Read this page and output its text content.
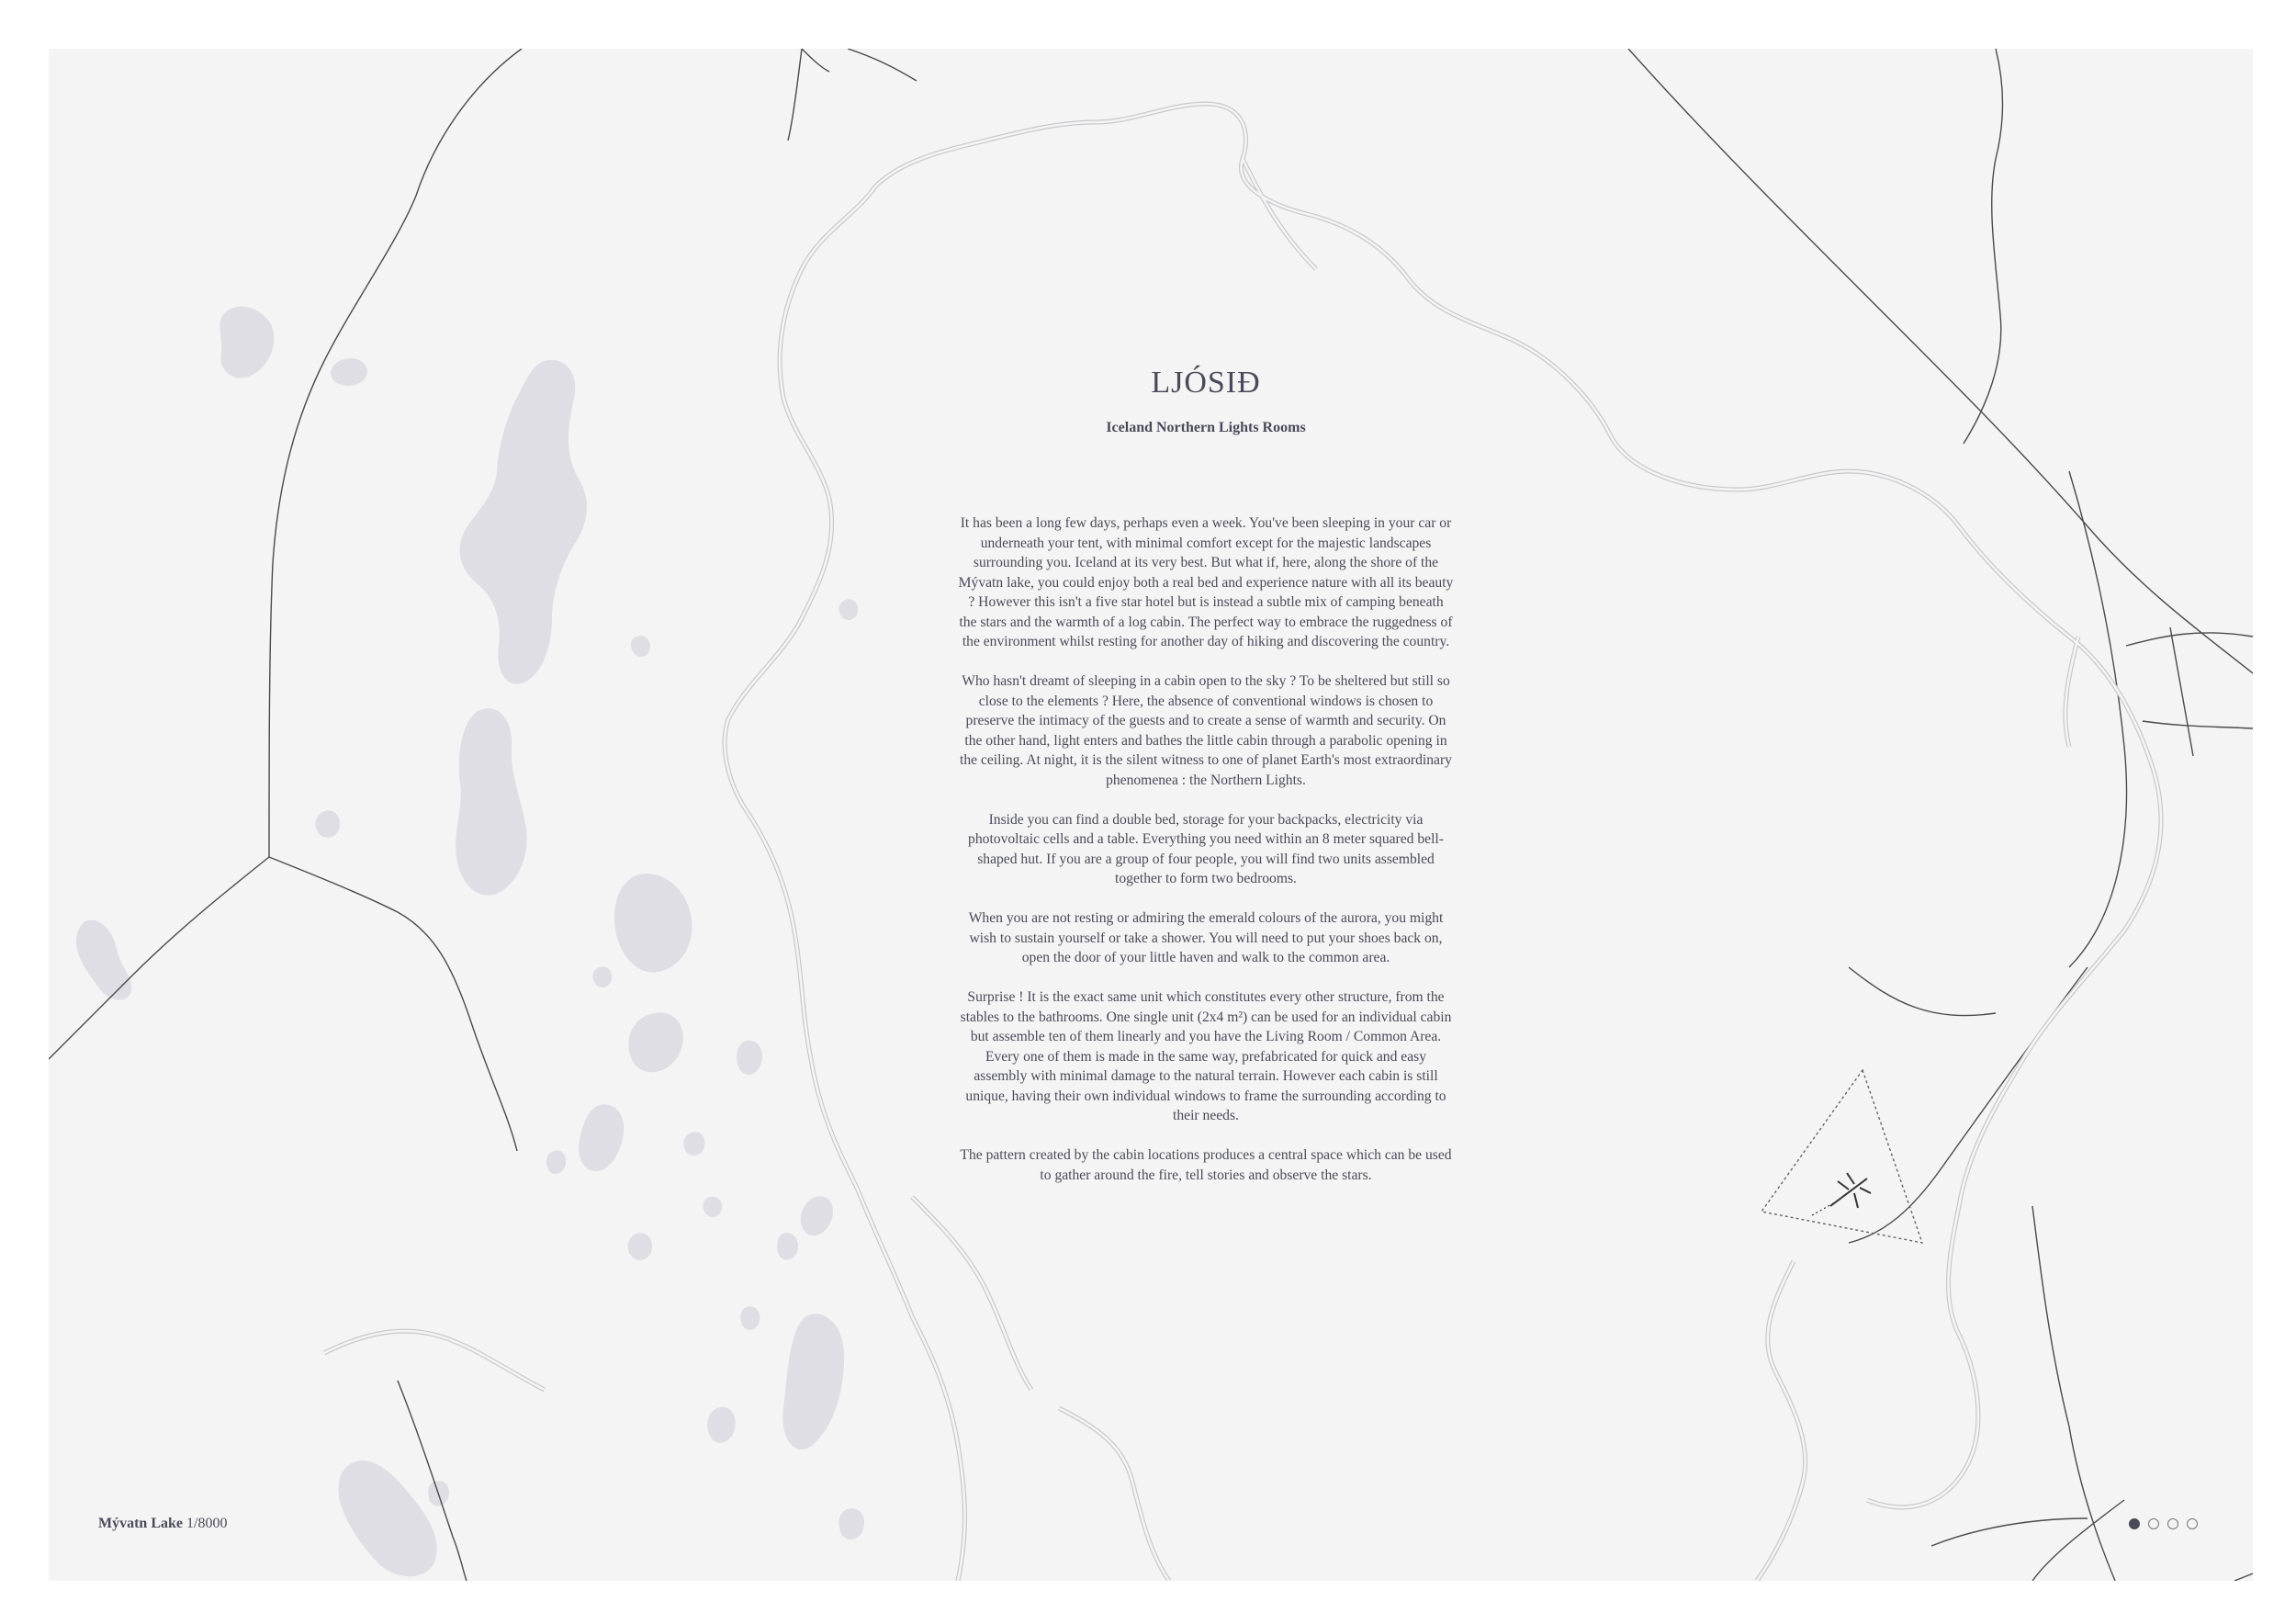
LJÓSIÐ
Iceland Northern Lights Rooms

It has been a long few days, perhaps even a week. You've been sleeping in your car or underneath your tent, with minimal comfort except for the majestic landscapes surrounding you. Iceland at its very best. But what if, here, along the shore of the Mývatn lake, you could enjoy both a real bed and experience nature with all its beauty ? However this isn't a five star hotel but is instead a subtle mix of camping beneath the stars and the warmth of a log cabin. The perfect way to embrace the ruggedness of the environment whilst resting for another day of hiking and discovering the country.

Who hasn't dreamt of sleeping in a cabin open to the sky ? To be sheltered but still so close to the elements ? Here, the absence of conventional windows is chosen to preserve the intimacy of the guests and to create a sense of warmth and security. On the other hand, light enters and bathes the little cabin through a parabolic opening in the ceiling. At night, it is the silent witness to one of planet Earth's most extraordinary phenomenea : the Northern Lights.

Inside you can find a double bed, storage for your backpacks, electricity via photovoltaic cells and a table. Everything you need within an 8 meter squared bell-shaped hut. If you are a group of four people, you will find two units assembled together to form two bedrooms.

When you are not resting or admiring the emerald colours of the aurora, you might wish to sustain yourself or take a shower. You will need to put your shoes back on, open the door of your little haven and walk to the common area.

Surprise ! It is the exact same unit which constitutes every other structure, from the stables to the bathrooms. One single unit (2x4 m²) can be used for an individual cabin but assemble ten of them linearly and you have the Living Room / Common Area. Every one of them is made in the same way, prefabricated for quick and easy assembly with minimal damage to the natural terrain. However each cabin is still unique, having their own individual windows to frame the surrounding according to their needs.

The pattern created by the cabin locations produces a central space which can be used to gather around the fire, tell stories and observe the stars.

Mývatn Lake 1/8000
